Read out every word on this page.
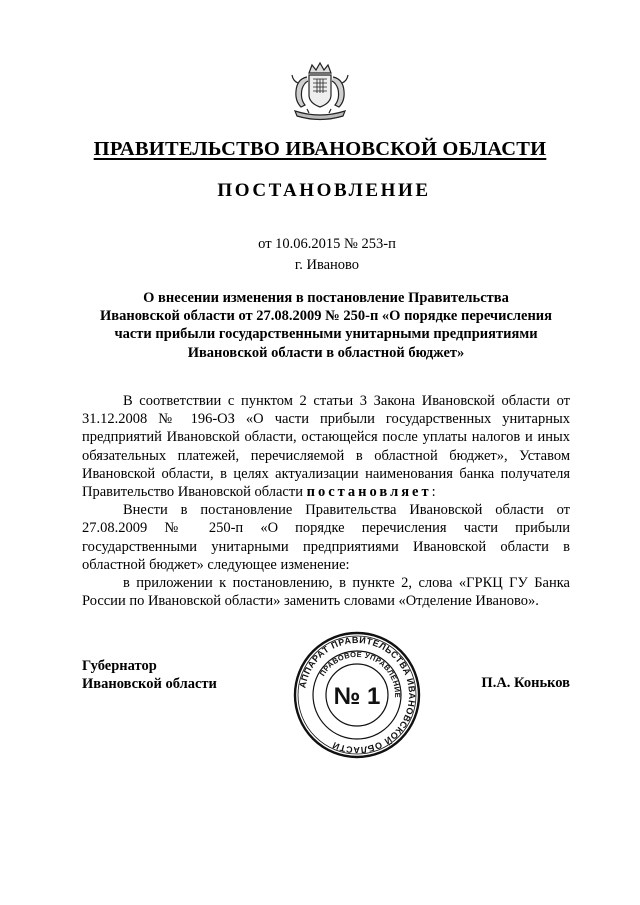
ПРАВИТЕЛЬСТВО ИВАНОВСКОЙ ОБЛАСТИ
ПОСТАНОВЛЕНИЕ
от 10.06.2015 № 253-п
г. Иваново
О внесении изменения в постановление Правительства
Ивановской области от 27.08.2009 № 250-п «О порядке перечисления
части прибыли государственными унитарными предприятиями
Ивановской области в областной бюджет»

В соответствии с пунктом 2 статьи 3 Закона Ивановской области от 31.12.2008 № 196-ОЗ «О части прибыли государственных унитарных предприятий Ивановской области, остающейся после уплаты налогов и иных обязательных платежей, перечисляемой в областной бюджет», Уставом Ивановской области, в целях актуализации наименования банка получателя Правительство Ивановской области постановляет:

Внести в постановление Правительства Ивановской области от 27.08.2009 № 250-п «О порядке перечисления части прибыли государственными унитарными предприятиями Ивановской области в областной бюджет» следующее изменение:

в приложении к постановлению, в пункте 2, слова «ГРКЦ ГУ Банка России по Ивановской области» заменить словами «Отделение Иваново».

Губернатор
Ивановской области	П.А. Коньков
АППАРАТ ПРАВИТЕЛЬСТВА ИВАНОВСКОЙ ОБЛАСТИ
ПРАВОВОЕ УПРАВЛЕНИЕ
№ 1
